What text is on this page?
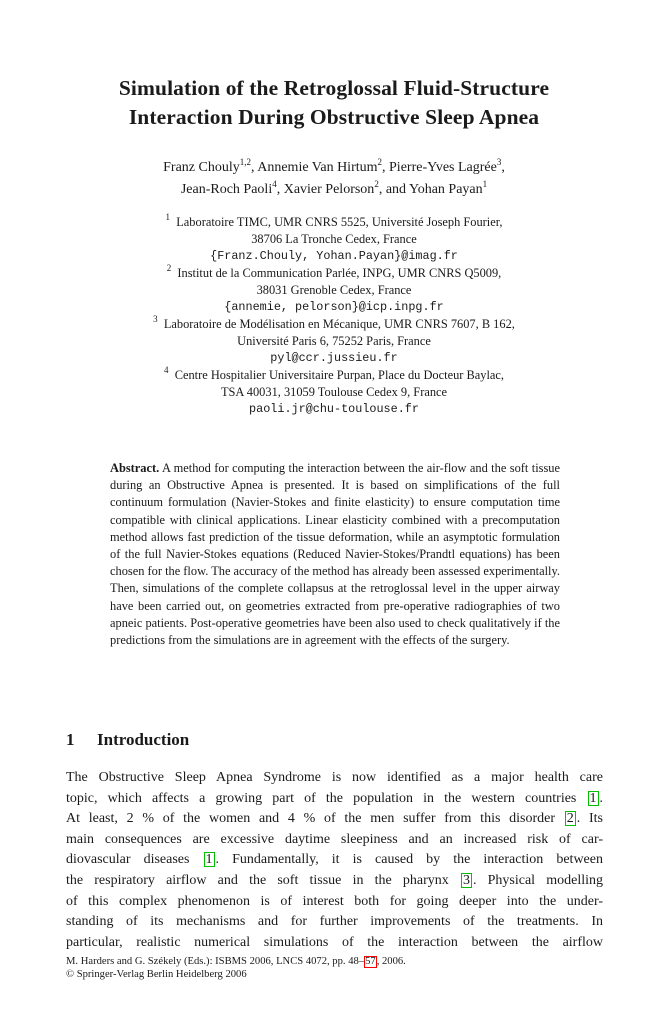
Simulation of the Retroglossal Fluid-Structure
Interaction During Obstructive Sleep Apnea
Franz Chouly$^{1,2}$, Annemie Van Hirtum$^2$, Pierre-Yves Lagrée$^3$,
Jean-Roch Paoli$^4$, Xavier Pelorson$^2$, and Yohan Payan$^1$
$^1$ Laboratoire TIMC, UMR CNRS 5525, Université Joseph Fourier,
38706 La Tronche Cedex, France
{Franz.Chouly, Yohan.Payan}@imag.fr
$^2$ Institut de la Communication Parlée, INPG, UMR CNRS Q5009,
38031 Grenoble Cedex, France
{annemie, pelorson}@icp.inpg.fr
$^3$ Laboratoire de Modélisation en Mécanique, UMR CNRS 7607, B 162,
Université Paris 6, 75252 Paris, France
pyl@ccr.jussieu.fr
$^4$ Centre Hospitalier Universitaire Purpan, Place du Docteur Baylac,
TSA 40031, 31059 Toulouse Cedex 9, France
paoli.jr@chu-toulouse.fr
Abstract. A method for computing the interaction between the air-flow and the soft tissue during an Obstructive Apnea is presented. It is based on simplifications of the full continuum formulation (Navier-Stokes and finite elasticity) to ensure computation time compatible with clinical applications. Linear elasticity combined with a precomputation method allows fast prediction of the tissue deformation, while an asymptotic formulation of the full Navier-Stokes equations (Reduced Navier-Stokes/Prandtl equations) has been chosen for the flow. The accuracy of the method has already been assessed experimentally. Then, simulations of the complete collapsus at the retroglossal level in the upper airway have been carried out, on geometries extracted from pre-operative radiographies of two apneic patients. Post-operative geometries have been also used to check qualitatively if the predictions from the simulations are in agreement with the effects of the surgery.
1 Introduction
The Obstructive Sleep Apnea Syndrome is now identified as a major health care
topic, which affects a growing part of the population in the western countries 1 .
At least, 2 % of the women and 4 % of the men suffer from this disorder 2 . Its
main consequences are excessive daytime sleepiness and an increased risk of car-
diovascular diseases 1 . Fundamentally, it is caused by the interaction between
the respiratory airflow and the soft tissue in the pharynx 3 . Physical modelling
of this complex phenomenon is of interest both for going deeper into the under-
standing of its mechanisms and for further improvements of the treatments. In
particular, realistic numerical simulations of the interaction between the airflow
M. Harders and G. Székely (Eds.): ISBMS 2006, LNCS 4072, pp. 48–57, 2006.
© Springer-Verlag Berlin Heidelberg 2006
